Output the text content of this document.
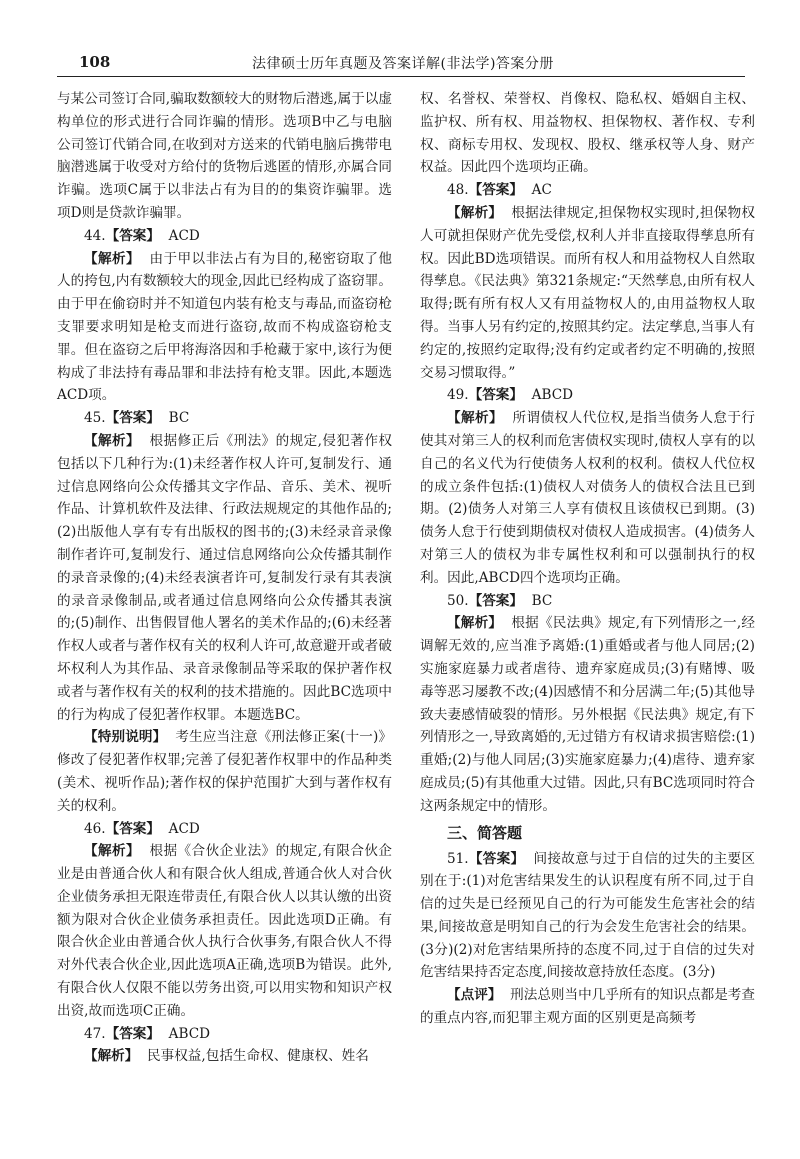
108	法律硕士历年真题及答案详解(非法学)答案分册

与某公司签订合同,骗取数额较大的财物后潜逃,属于以虚构单位的形式进行合同诈骗的情形。选项B中乙与电脑公司签订代销合同,在收到对方送来的代销电脑后携带电脑潜逃属于收受对方给付的货物后逃匿的情形,亦属合同诈骗。选项C属于以非法占有为目的的集资诈骗罪。选项D则是贷款诈骗罪。

44.【答案】 ACD

【解析】 由于甲以非法占有为目的,秘密窃取了他人的挎包,内有数额较大的现金,因此已经构成了盗窃罪。由于甲在偷窃时并不知道包内装有枪支与毒品,而盗窃枪支罪要求明知是枪支而进行盗窃,故而不构成盗窃枪支罪。但在盗窃之后甲将海洛因和手枪藏于家中,该行为便构成了非法持有毒品罪和非法持有枪支罪。因此,本题选ACD项。

45.【答案】 BC

【解析】 根据修正后《刑法》的规定,侵犯著作权包括以下几种行为:(1)未经著作权人许可,复制发行、通过信息网络向公众传播其文字作品、音乐、美术、视听作品、计算机软件及法律、行政法规规定的其他作品的;(2)出版他人享有专有出版权的图书的;(3)未经录音录像制作者许可,复制发行、通过信息网络向公众传播其制作的录音录像的;(4)未经表演者许可,复制发行录有其表演的录音录像制品,或者通过信息网络向公众传播其表演的;(5)制作、出售假冒他人署名的美术作品的;(6)未经著作权人或者与著作权有关的权利人许可,故意避开或者破坏权利人为其作品、录音录像制品等采取的保护著作权或者与著作权有关的权利的技术措施的。因此BC选项中的行为构成了侵犯著作权罪。本题选BC。

【特别说明】 考生应当注意《刑法修正案(十一)》修改了侵犯著作权罪;完善了侵犯著作权罪中的作品种类(美术、视听作品);著作权的保护范围扩大到与著作权有关的权利。

46.【答案】 ACD

【解析】 根据《合伙企业法》的规定,有限合伙企业是由普通合伙人和有限合伙人组成,普通合伙人对合伙企业债务承担无限连带责任,有限合伙人以其认缴的出资额为限对合伙企业债务承担责任。因此选项D正确。有限合伙企业由普通合伙人执行合伙事务,有限合伙人不得对外代表合伙企业,因此选项A正确,选项B为错误。此外,有限合伙人仅限不能以劳务出资,可以用实物和知识产权出资,故而选项C正确。

47.【答案】 ABCD

【解析】 民事权益,包括生命权、健康权、姓名

权、名誉权、荣誉权、肖像权、隐私权、婚姻自主权、监护权、所有权、用益物权、担保物权、著作权、专利权、商标专用权、发现权、股权、继承权等人身、财产权益。因此四个选项均正确。

48.【答案】 AC

【解析】 根据法律规定,担保物权实现时,担保物权人可就担保财产优先受偿,权利人并非直接取得孳息所有权。因此BD选项错误。而所有权人和用益物权人自然取得孳息。《民法典》第321条规定:“天然孳息,由所有权人取得;既有所有权人又有用益物权人的,由用益物权人取得。当事人另有约定的,按照其约定。法定孳息,当事人有约定的,按照约定取得;没有约定或者约定不明确的,按照交易习惯取得。”

49.【答案】 ABCD

【解析】 所谓债权人代位权,是指当债务人怠于行使其对第三人的权利而危害债权实现时,债权人享有的以自己的名义代为行使债务人权利的权利。债权人代位权的成立条件包括:(1)债权人对债务人的债权合法且已到期。(2)债务人对第三人享有债权且该债权已到期。(3)债务人怠于行使到期债权对债权人造成损害。(4)债务人对第三人的债权为非专属性权利和可以强制执行的权利。因此,ABCD四个选项均正确。

50.【答案】 BC

【解析】 根据《民法典》规定,有下列情形之一,经调解无效的,应当准予离婚:(1)重婚或者与他人同居;(2)实施家庭暴力或者虐待、遗弃家庭成员;(3)有赌博、吸毒等恶习屡教不改;(4)因感情不和分居满二年;(5)其他导致夫妻感情破裂的情形。另外根据《民法典》规定,有下列情形之一,导致离婚的,无过错方有权请求损害赔偿:(1)重婚;(2)与他人同居;(3)实施家庭暴力;(4)虐待、遗弃家庭成员;(5)有其他重大过错。因此,只有BC选项同时符合这两条规定中的情形。

三、简答题

51.【答案】 间接故意与过于自信的过失的主要区别在于:(1)对危害结果发生的认识程度有所不同,过于自信的过失是已经预见自己的行为可能发生危害社会的结果,间接故意是明知自己的行为会发生危害社会的结果。(3分)(2)对危害结果所持的态度不同,过于自信的过失对危害结果持否定态度,间接故意持放任态度。(3分)

【点评】 刑法总则当中几乎所有的知识点都是考查的重点内容,而犯罪主观方面的区别更是高频考
